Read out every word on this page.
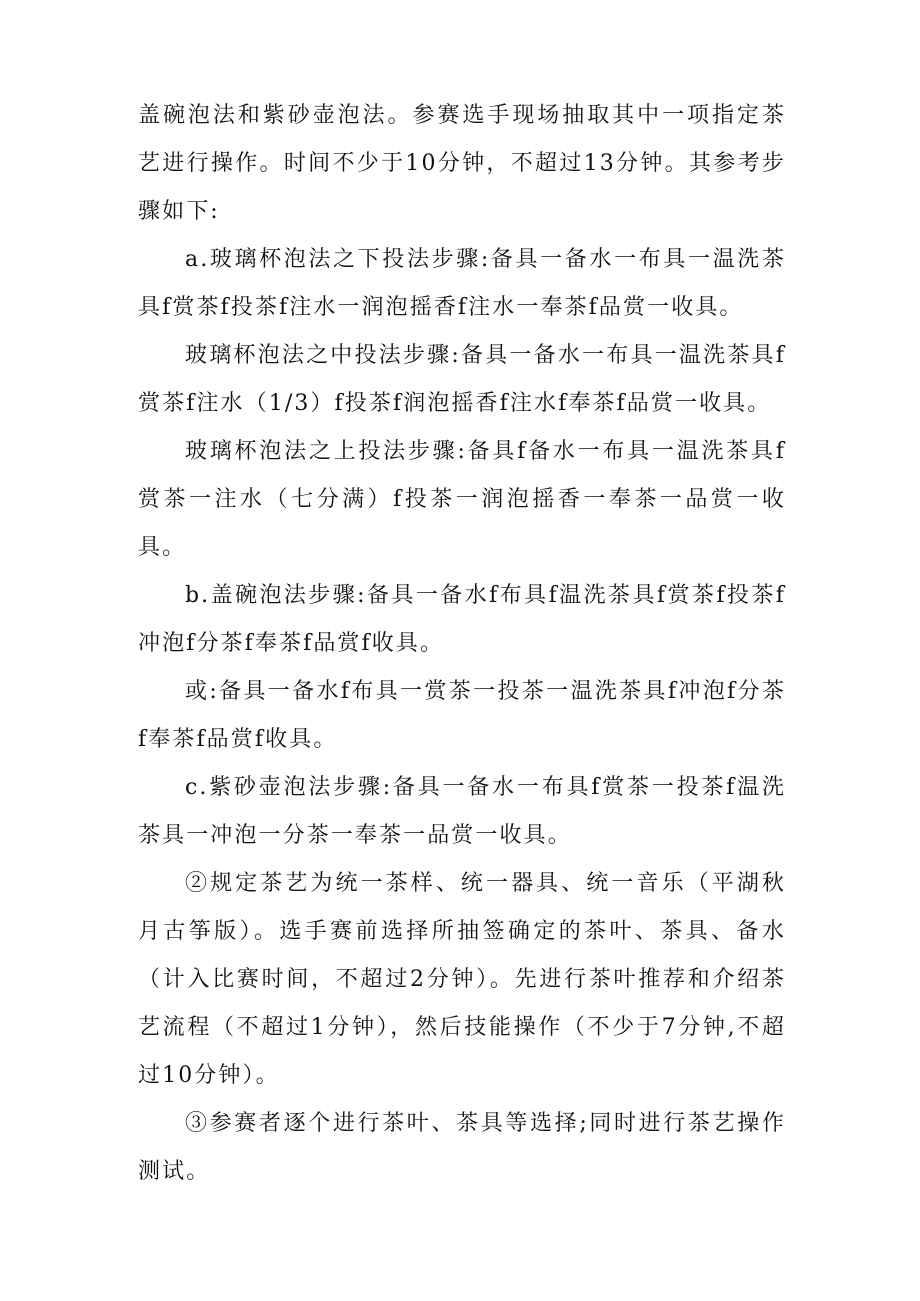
盖碗泡法和紫砂壶泡法。参赛选手现场抽取其中一项指定茶艺进行操作。时间不少于10分钟，不超过13分钟。其参考步骤如下:

a.玻璃杯泡法之下投法步骤:备具一备水一布具一温洗茶具f赏茶f投茶f注水一润泡摇香f注水一奉茶f品赏一收具。

玻璃杯泡法之中投法步骤:备具一备水一布具一温洗茶具f赏茶f注水（1/3）f投茶f润泡摇香f注水f奉茶f品赏一收具。

玻璃杯泡法之上投法步骤:备具f备水一布具一温洗茶具f赏茶一注水（七分满）f投茶一润泡摇香一奉茶一品赏一收具。

b.盖碗泡法步骤:备具一备水f布具f温洗茶具f赏茶f投茶f冲泡f分茶f奉茶f品赏f收具。

或:备具一备水f布具一赏茶一投茶一温洗茶具f冲泡f分茶f奉茶f品赏f收具。

c.紫砂壶泡法步骤:备具一备水一布具f赏茶一投茶f温洗茶具一冲泡一分茶一奉茶一品赏一收具。

②规定茶艺为统一茶样、统一器具、统一音乐（平湖秋月古筝版）。选手赛前选择所抽签确定的茶叶、茶具、备水（计入比赛时间，不超过2分钟）。先进行茶叶推荐和介绍茶艺流程（不超过1分钟），然后技能操作（不少于7分钟,不超过10分钟）。

③参赛者逐个进行茶叶、茶具等选择;同时进行茶艺操作测试。
